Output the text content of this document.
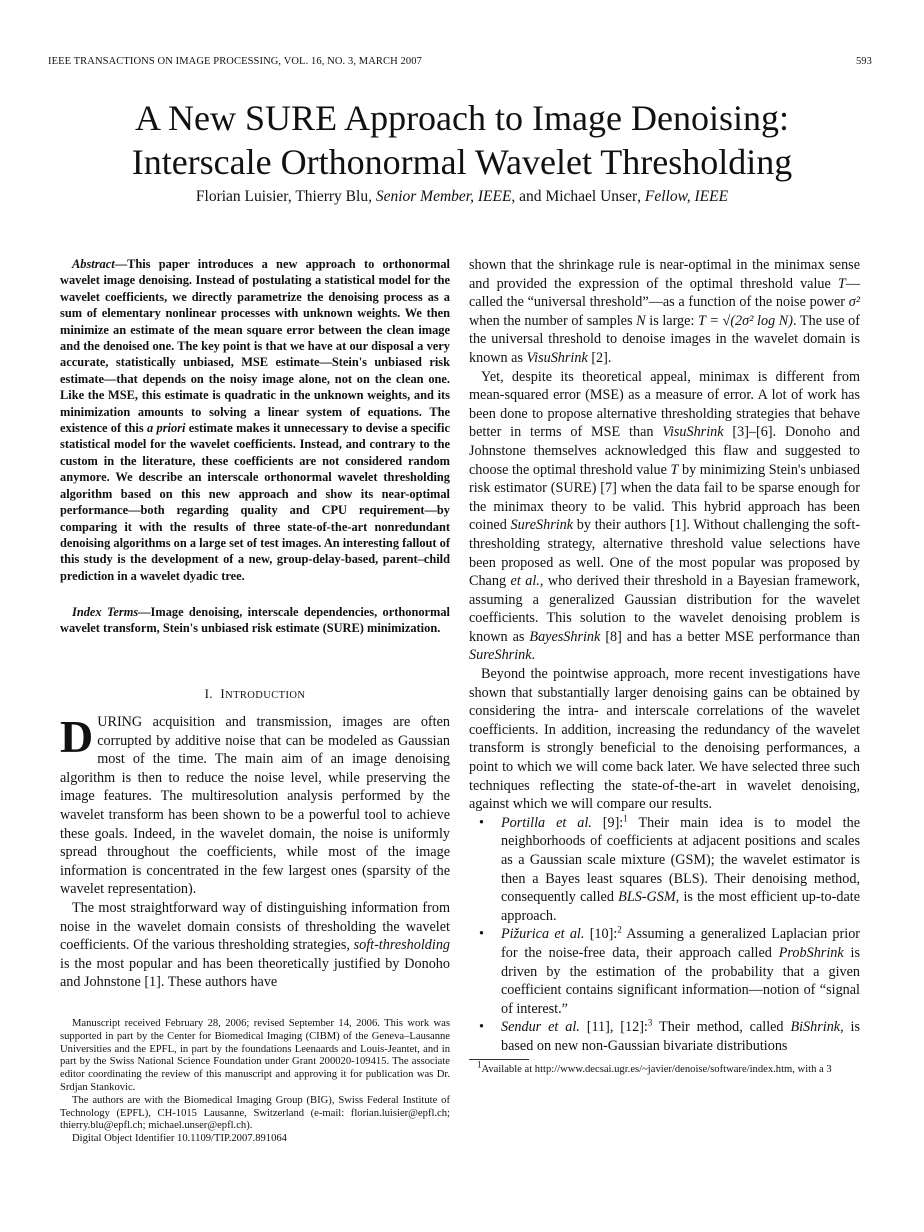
IEEE TRANSACTIONS ON IMAGE PROCESSING, VOL. 16, NO. 3, MARCH 2007	593
A New SURE Approach to Image Denoising:
Interscale Orthonormal Wavelet Thresholding
Florian Luisier, Thierry Blu, Senior Member, IEEE, and Michael Unser, Fellow, IEEE

Abstract—This paper introduces a new approach to orthonormal wavelet image denoising. Instead of postulating a statistical model for the wavelet coefficients, we directly parametrize the denoising process as a sum of elementary nonlinear processes with unknown weights. We then minimize an estimate of the mean square error between the clean image and the denoised one. The key point is that we have at our disposal a very accurate, statistically unbiased, MSE estimate—Stein's unbiased risk estimate—that depends on the noisy image alone, not on the clean one. Like the MSE, this estimate is quadratic in the unknown weights, and its minimization amounts to solving a linear system of equations. The existence of this a priori estimate makes it unnecessary to devise a specific statistical model for the wavelet coefficients. Instead, and contrary to the custom in the literature, these coefficients are not considered random anymore. We describe an interscale orthonormal wavelet thresholding algorithm based on this new approach and show its near-optimal performance—both regarding quality and CPU requirement—by comparing it with the results of three state-of-the-art nonredundant denoising algorithms on a large set of test images. An interesting fallout of this study is the development of a new, group-delay-based, parent–child prediction in a wavelet dyadic tree.

Index Terms—Image denoising, interscale dependencies, orthonormal wavelet transform, Stein's unbiased risk estimate (SURE) minimization.

I. INTRODUCTION

DURING acquisition and transmission, images are often corrupted by additive noise that can be modeled as Gaussian most of the time. The main aim of an image denoising algorithm is then to reduce the noise level, while preserving the image features. The multiresolution analysis performed by the wavelet transform has been shown to be a powerful tool to achieve these goals. Indeed, in the wavelet domain, the noise is uniformly spread throughout the coefficients, while most of the image information is concentrated in the few largest ones (sparsity of the wavelet representation).

The most straightforward way of distinguishing information from noise in the wavelet domain consists of thresholding the wavelet coefficients. Of the various thresholding strategies, soft-thresholding is the most popular and has been theoretically justified by Donoho and Johnstone [1]. These authors have

Manuscript received February 28, 2006; revised September 14, 2006. This work was supported in part by the Center for Biomedical Imaging (CIBM) of the Geneva–Lausanne Universities and the EPFL, in part by the foundations Leenaards and Louis-Jeantet, and in part by the Swiss National Science Foundation under Grant 200020-109415. The associate editor coordinating the review of this manuscript and approving it for publication was Dr. Srdjan Stankovic.

The authors are with the Biomedical Imaging Group (BIG), Swiss Federal Institute of Technology (EPFL), CH-1015 Lausanne, Switzerland (e-mail: florian.luisier@epfl.ch; thierry.blu@epfl.ch; michael.unser@epfl.ch).

Digital Object Identifier 10.1109/TIP.2007.891064

shown that the shrinkage rule is near-optimal in the minimax sense and provided the expression of the optimal threshold value T—called the “universal threshold”—as a function of the noise power σ² when the number of samples N is large: T = √(2σ² log N). The use of the universal threshold to denoise images in the wavelet domain is known as VisuShrink [2].

Yet, despite its theoretical appeal, minimax is different from mean-squared error (MSE) as a measure of error. A lot of work has been done to propose alternative thresholding strategies that behave better in terms of MSE than VisuShrink [3]–[6]. Donoho and Johnstone themselves acknowledged this flaw and suggested to choose the optimal threshold value T by minimizing Stein's unbiased risk estimator (SURE) [7] when the data fail to be sparse enough for the minimax theory to be valid. This hybrid approach has been coined SureShrink by their authors [1]. Without challenging the soft-thresholding strategy, alternative threshold value selections have been proposed as well. One of the most popular was proposed by Chang et al., who derived their threshold in a Bayesian framework, assuming a generalized Gaussian distribution for the wavelet coefficients. This solution to the wavelet denoising problem is known as BayesShrink [8] and has a better MSE performance than SureShrink.

Beyond the pointwise approach, more recent investigations have shown that substantially larger denoising gains can be obtained by considering the intra- and interscale correlations of the wavelet coefficients. In addition, increasing the redundancy of the wavelet transform is strongly beneficial to the denoising performances, a point to which we will come back later. We have selected three such techniques reflecting the state-of-the-art in wavelet denoising, against which we will compare our results.

• Portilla et al. [9]:$^1$ Their main idea is to model the neighborhoods of coefficients at adjacent positions and scales as a Gaussian scale mixture (GSM); the wavelet estimator is then a Bayes least squares (BLS). Their denoising method, consequently called BLS-GSM, is the most efficient up-to-date approach.
• Pižurica et al. [10]:$^2$ Assuming a generalized Laplacian prior for the noise-free data, their approach called ProbShrink is driven by the estimation of the probability that a given coefficient contains significant information—notion of “signal of interest.”
• Sendur et al. [11], [12]:$^3$ Their method, called BiShrink, is based on new non-Gaussian bivariate distributions
$^1$Available at http://www.decsai.ugr.es/~javier/denoise/software/index.htm, with a 3
